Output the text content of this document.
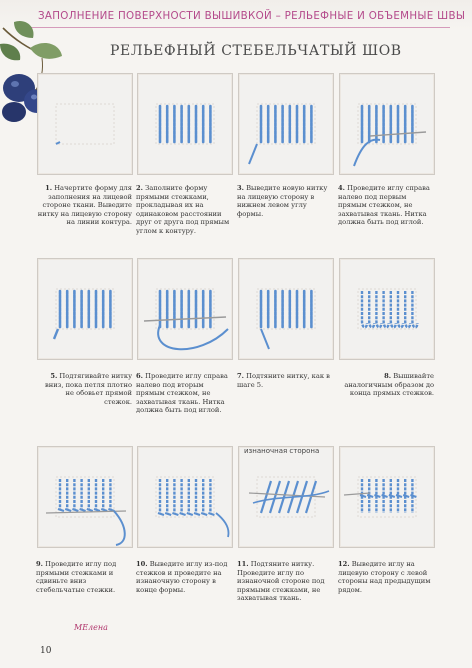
ЗАПОЛНЕНИЕ ПОВЕРХНОСТИ ВЫШИВКОЙ – РЕЛЬЕФНЫЕ И ОБЪЕМНЫЕ ШВЫ
РЕЛЬЕФНЫЙ СТЕБЕЛЬЧАТЫЙ ШОВ
1. Начертите форму для заполнения на лицевой стороне ткани. Выведите нитку на лицевую сторону на линии контура.
2. Заполните форму прямыми стежками, прокладывая их на одинаковом расстоянии друг от друга под прямым углом к контуру.
3. Выведите новую нитку на лицевую сторону в нижнем левом углу формы.
4. Проведите иглу справа налево под первым прямым стежком, не захватывая ткань. Нитка должна быть под иглой.
5. Подтягивайте нитку вниз, пока петля плотно не обовьет прямой стежок.
6. Проведите иглу справа налево под вторым прямым стежком, не захватывая ткань. Нитка должна быть под иглой.
7. Подтяните нитку, как в шаге 5.
8. Вышивайте аналогичным образом до конца прямых стежков.
9. Проведите иглу под прямыми стежками и сдвиньте вниз стебельчатые стежки.
10. Выведите иглу из-под стежков и проведите на изнаночную сторону в конце формы.
11. Подтяните нитку. Проведите иглу по изнаночной стороне под прямыми стежками, не захватывая ткань.
12. Выведите иглу на лицевую сторону с левой стороны над предыдущим рядом.
изнаночная сторона
МЕлена
10
